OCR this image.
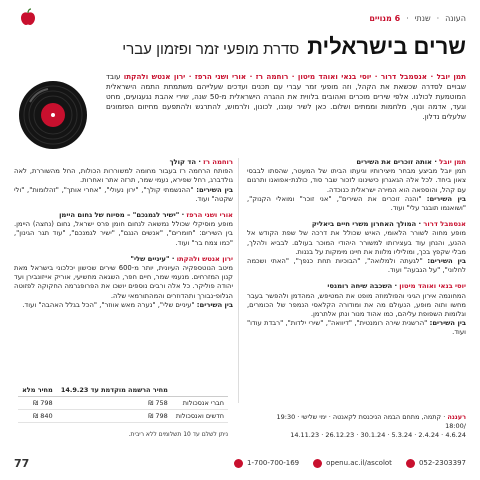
העונה
·
שנתי
·
6 מנויים
שרים בישראלית
סדרת מופעי זמר ופזמון עברי
תמן יובל · אנסמבל דרור · יוסי בנאי ואוהד מיטון · רוחמה רז · אורי ושני הרפז · ירון אנטש ולהקתו עובד שבויים לסדרה שכשאת את הקהל, וזה מופעי זמר עברי עם תכנים ועדכים שעלייהם משתמתת התמה הישראלית המוטמעת לכולנו. אלפי שירים מוכרים ואהובים בלווית את ההגרה הישראלית מ-50 שנה, שירי אהבת נגעגועים, מחט וגעד, אדמה ונוף, מלחמות וממתים ושלום. כאן לשיר עוננו, לכונון, ולרמוש, להתרגש ולהתפעם מחיזום הפזמונים שלעלים נדלון.
תמן יובל · אותה זוכרים את השירים
תמן יובל מביצע מבחר מיצירותיו וגיעתו הביתו של המעטר, שהסתו לבבסי צאון ביחד. לכל אלה הגאגרון כישינונו לזכור שבר סוד, כולנת-אפואנו ותרגום עם קהל, והוספאה הוא המירה ישראלית כנוכדה.
בין השירים: "והנה זוכרים את השירים", "אני זוכר" ומואלי הקנוק", "ושואנמו תובגר עלי" ועוד.
אנסמבל דרור · המולך האחרון משרי חיים ביאליק
מופע מחוה לשורר הלאומי, האיש שכולל את דרכה של שפת הקודש אל ההנע, והנחן עוד בעצירותו למשורר היהודי המוכר בעולם. לבביא ולהלך, מבלי שקפץ בכך, ומוליליו מלוות את חיינו מימקות על בננות.
בין השירים: "לגעתה ולמלואה", "הבוכיות תחת כנפך", "האתי ושכמה לחלוני", "על הגבעה" ועוד.
יוסי בנאי ואוהד מיטון · השכבה שיחה רומנסי
המחונמה אירון הגיגי והפולמוזה מופט את המטיפש, המהדמן ולהפשר בעבר מחשו ותוה מופע, הנעולם מה את ומודורה הקלאסי הנמפר של הכומרים, וגלומות השפופת עליהם, כמו אהוד מנור ונתן אלתרמן.
בין השירים: "הרשנית שירה רומנטית", "דיוואה", "שירי ילדות", "רבדת עודו" ועוד.
רוחמה רז · הד קולך
הפותח הרחמה רז בעבור מחומה למשוררות הכולות, החל מהשוררת, לאה גולדברג, רחל שפירא, נעמי שמר, תרזה אתר ואחרות.
בין השירים: "ההנשמתי קולך", "ירון נעולי", "אחרי אותך", "זהלומות", "ולי שקטה" ועוד.
אורי ושני הרפז · "ישיר לגמנכם" – מסיוח של גחום היימן
מופע מוסיקלי שכולל נמשאה לנחום חומן פרס ישראל, גחום (נחצה) היימן. בין השירים: "חומרים", "אנשים הנגם", "ישיר לגמנכם", "עוד תגר הגינון", "כמו צמח בר" ועוד.
ירון אנטש ולהקתו · "עיניים שלי"
מיטב הנוטספקיה העיונית, יותר מ-600 שירים שכישון יכלכוני בישראל מאת קנון המזרחים. מנעמי שמר, חיים חפר, השגאה מחשיעי, אוריק אייזונבירן ועד יהודה פוליקר. כל אלה ורבים נוספים יושכו את הפרופגרמה החקוקה לפזוטה הגלופ-נבורך ותהדוזרים והמהתורמאי שלה.
בין השירים: "עיניים שלי", "נערה מאש אווזר", "הכל בגלל האהבה" ועוד.
רעננה · קתמה, מתחם הבמה הניכנסת לקאנטה · ימי שלישי · 19:30 /18:00
4.6.24 · 2.4.24 · 5.3.24 · 30.1.24 · 26.12.23 · 14.11.23
	מחיר הרשמה מוקדמת עד 14.9.23	מחיר מלא
חברי אנסכולות	758 ₪	798 ₪
חדשים ואנסכולות	798 ₪	840 ₪
ניתן לשלם עד 10 תשלומים ללא ריבית.
77	1-700-700-169	openu.ac.il/ascolot	052-2303397
